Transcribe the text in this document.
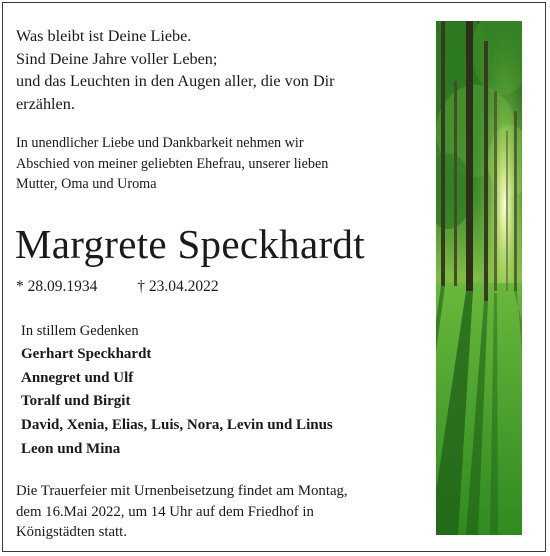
Was bleibt ist Deine Liebe.
Sind Deine Jahre voller Leben;
und das Leuchten in den Augen aller, die von Dir
erzählen.
In unendlicher Liebe und Dankbarkeit nehmen wir
Abschied von meiner geliebten Ehefrau, unserer lieben
Mutter, Oma und Uroma
Margrete Speckhardt
* 28.09.1934	† 23.04.2022
In stillem Gedenken
Gerhart Speckhardt
Annegret und Ulf
Toralf und Birgit
David, Xenia, Elias, Luis, Nora, Levin und Linus
Leon und Mina
Die Trauerfeier mit Urnenbeisetzung findet am Montag,
dem 16.Mai 2022, um 14 Uhr auf dem Friedhof in
Königstädten statt.
